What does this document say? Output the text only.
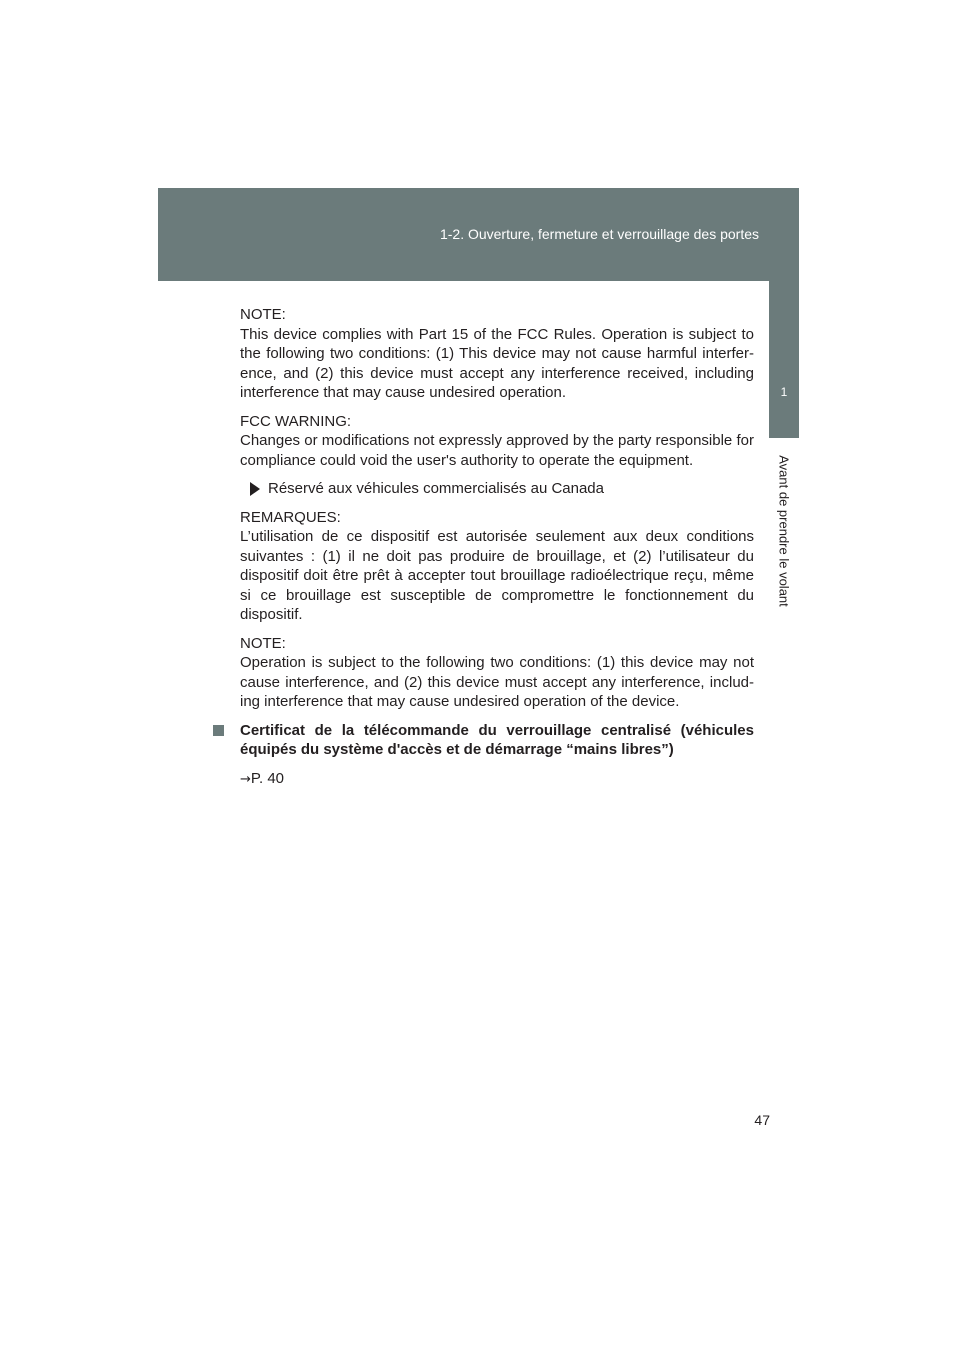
1-2. Ouverture, fermeture et verrouillage des portes
1
Avant de prendre le volant
NOTE:
This device complies with Part 15 of the FCC Rules. Operation is subject to the following two conditions: (1) This device may not cause harmful interfer-ence, and (2) this device must accept any interference received, including interference that may cause undesired operation.
FCC WARNING:
Changes or modifications not expressly approved by the party responsible for compliance could void the user's authority to operate the equipment.
Réservé aux véhicules commercialisés au Canada
REMARQUES:
L’utilisation de ce dispositif est autorisée seulement aux deux conditions suivantes : (1) il ne doit pas produire de brouillage, et (2) l’utilisateur du dispositif doit être prêt à accepter tout brouillage radioélectrique reçu, même si ce brouillage est susceptible de compromettre le fonctionnement du dispositif.
NOTE:
Operation is subject to the following two conditions: (1) this device may not cause interference, and (2) this device must accept any interference, includ-ing interference that may cause undesired operation of the device.
Certificat de la télécommande du verrouillage centralisé (véhicules équipés du système d'accès et de démarrage “mains libres”)
→P. 40
47
